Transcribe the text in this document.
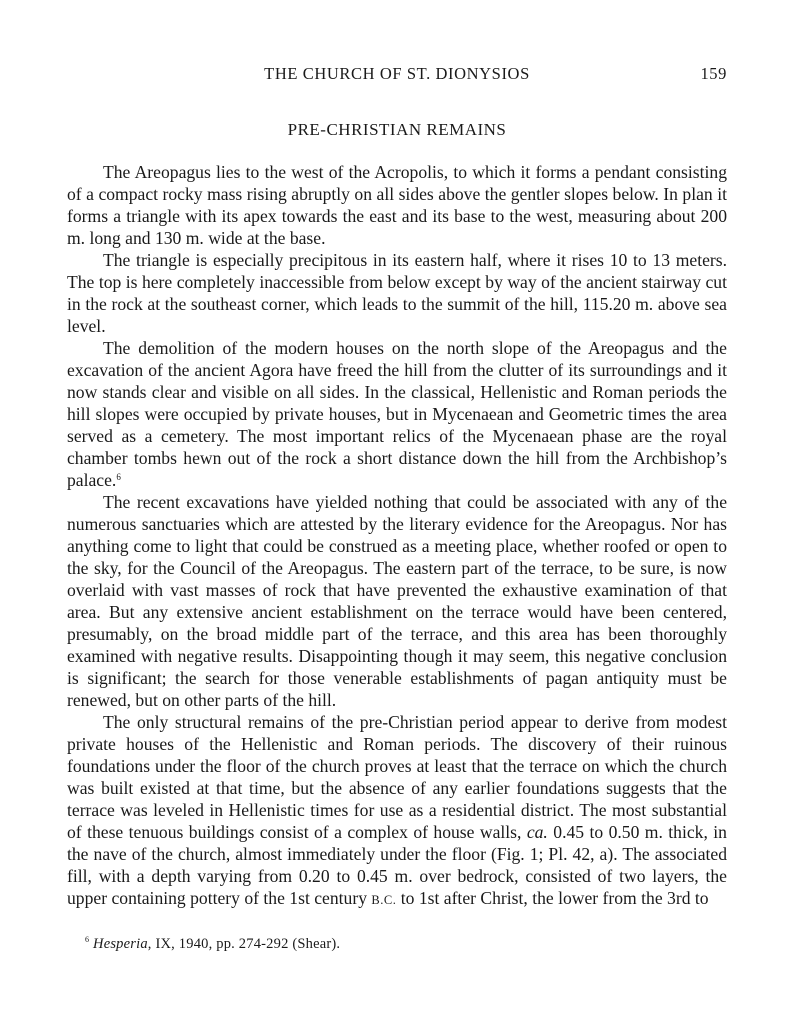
THE CHURCH OF ST. DIONYSIOS	159
PRE-CHRISTIAN REMAINS

The Areopagus lies to the west of the Acropolis, to which it forms a pendant consisting of a compact rocky mass rising abruptly on all sides above the gentler slopes below. In plan it forms a triangle with its apex towards the east and its base to the west, measuring about 200 m. long and 130 m. wide at the base.

The triangle is especially precipitous in its eastern half, where it rises 10 to 13 meters. The top is here completely inaccessible from below except by way of the ancient stairway cut in the rock at the southeast corner, which leads to the summit of the hill, 115.20 m. above sea level.

The demolition of the modern houses on the north slope of the Areopagus and the excavation of the ancient Agora have freed the hill from the clutter of its surroundings and it now stands clear and visible on all sides. In the classical, Hellenistic and Roman periods the hill slopes were occupied by private houses, but in Mycenaean and Geometric times the area served as a cemetery. The most important relics of the Mycenaean phase are the royal chamber tombs hewn out of the rock a short distance down the hill from the Archbishop’s palace.$^6$

The recent excavations have yielded nothing that could be associated with any of the numerous sanctuaries which are attested by the literary evidence for the Areopagus. Nor has anything come to light that could be construed as a meeting place, whether roofed or open to the sky, for the Council of the Areopagus. The eastern part of the terrace, to be sure, is now overlaid with vast masses of rock that have prevented the exhaustive examination of that area. But any extensive ancient establishment on the terrace would have been centered, presumably, on the broad middle part of the terrace, and this area has been thoroughly examined with negative results. Disappointing though it may seem, this negative conclusion is significant; the search for those venerable establishments of pagan antiquity must be renewed, but on other parts of the hill.

The only structural remains of the pre-Christian period appear to derive from modest private houses of the Hellenistic and Roman periods. The discovery of their ruinous foundations under the floor of the church proves at least that the terrace on which the church was built existed at that time, but the absence of any earlier foundations suggests that the terrace was leveled in Hellenistic times for use as a residential district. The most substantial of these tenuous buildings consist of a complex of house walls, ca. 0.45 to 0.50 m. thick, in the nave of the church, almost immediately under the floor (Fig. 1; Pl. 42, a). The associated fill, with a depth varying from 0.20 to 0.45 m. over bedrock, consisted of two layers, the upper containing pottery of the 1st century B.C. to 1st after Christ, the lower from the 3rd to

$^6$ Hesperia, IX, 1940, pp. 274-292 (Shear).
